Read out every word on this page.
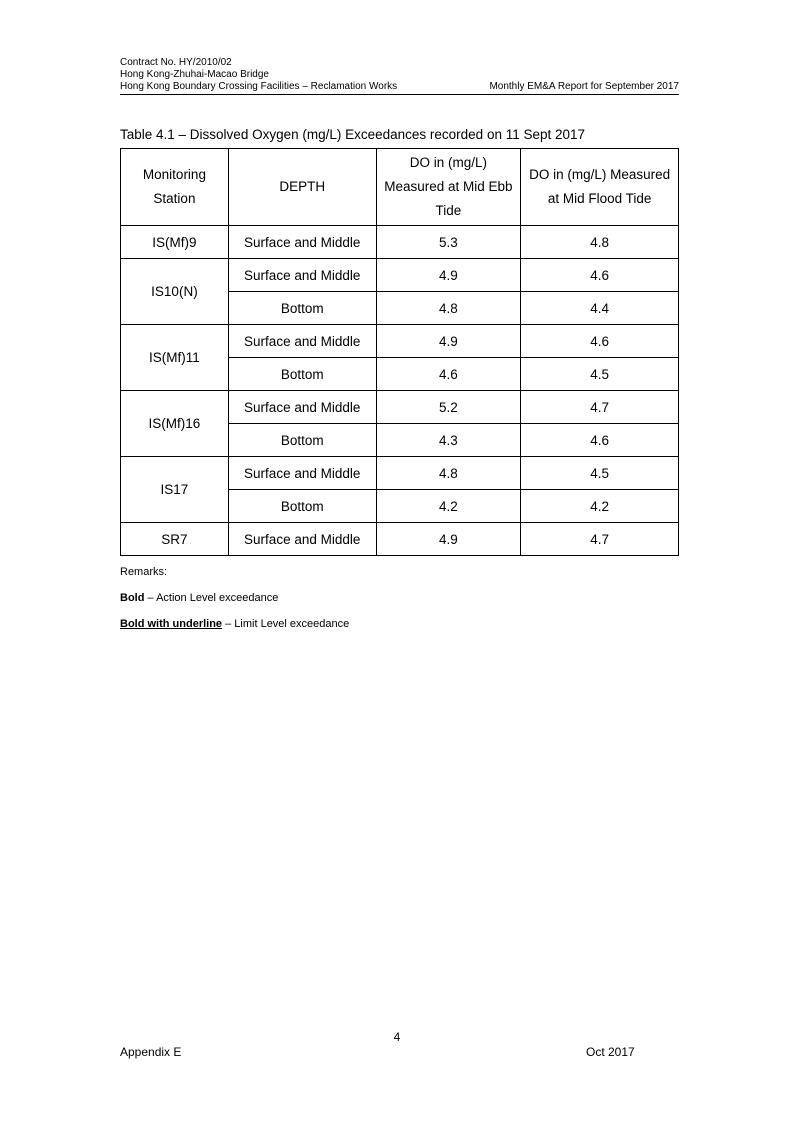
Contract No. HY/2010/02
Hong Kong-Zhuhai-Macao Bridge
Hong Kong Boundary Crossing Facilities – Reclamation Works	Monthly EM&A Report for September 2017
Table 4.1 – Dissolved Oxygen (mg/L) Exceedances recorded on 11 Sept 2017
Monitoring Station	DEPTH	DO in (mg/L) Measured at Mid Ebb Tide	DO in (mg/L) Measured at Mid Flood Tide
IS(Mf)9	Surface and Middle	5.3	4.8
IS10(N)	Surface and Middle	4.9	4.6
	Bottom	4.8	4.4
IS(Mf)11	Surface and Middle	4.9	4.6
	Bottom	4.6	4.5
IS(Mf)16	Surface and Middle	5.2	4.7
	Bottom	4.3	4.6
IS17	Surface and Middle	4.8	4.5
	Bottom	4.2	4.2
SR7	Surface and Middle	4.9	4.7

Remarks:

Bold – Action Level exceedance

Bold with underline – Limit Level exceedance

4
Appendix E	Oct 2017
